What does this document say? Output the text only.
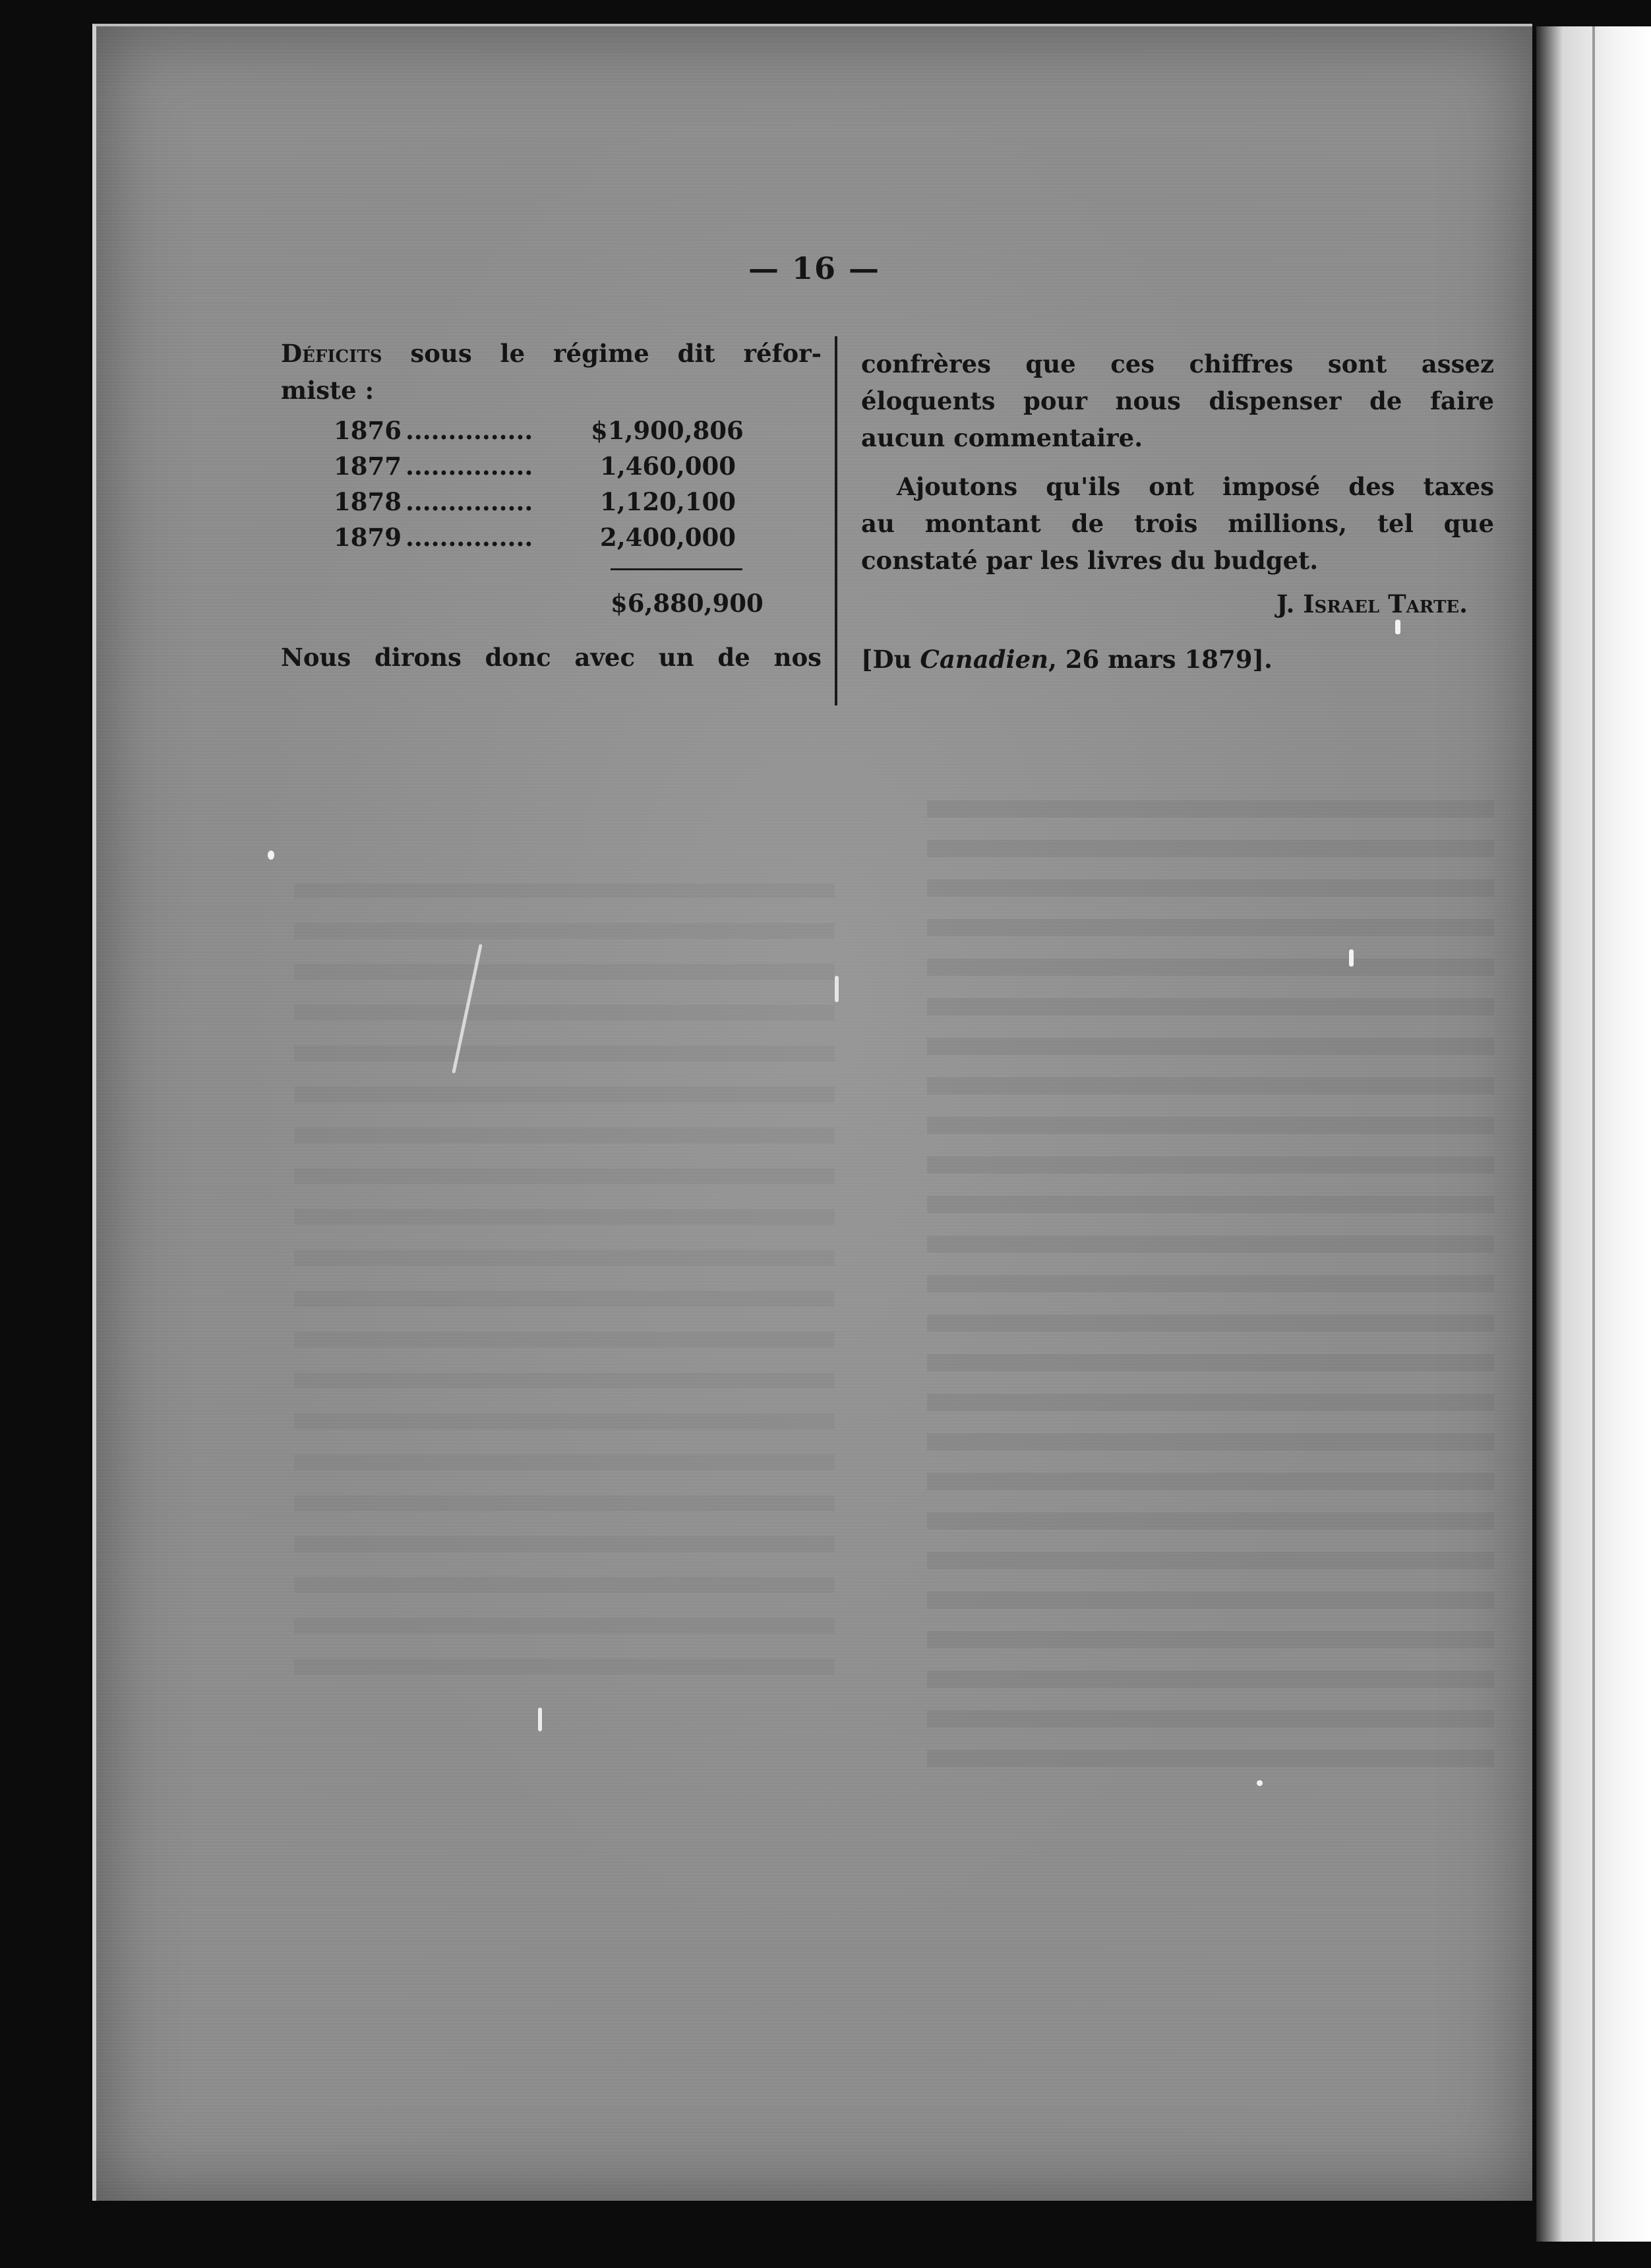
— 16 —
Déficits sous le régime dit réfor-
miste :
1876 ...............	$1,900,806
1877 ...............	1,460,000
1878 ...............	1,120,100
1879 ...............	2,400,000
$6,880,900
Nous dirons donc avec un de nos
confrères que ces chiffres sont assez
éloquents pour nous dispenser de faire
aucun commentaire.
Ajoutons qu'ils ont imposé des taxes
au montant de trois millions, tel que
constaté par les livres du budget.
J. Israel Tarte.
[Du Canadien, 26 mars 1879].
